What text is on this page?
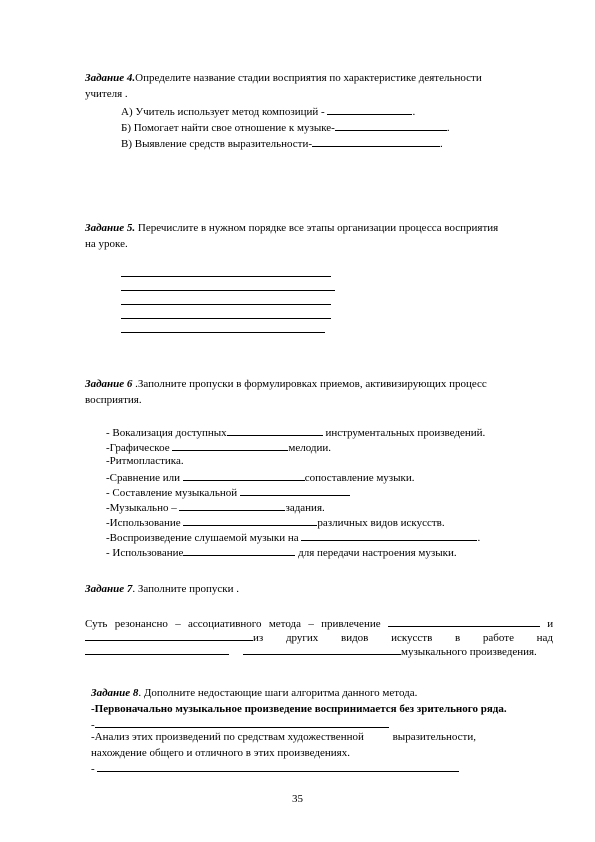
Задание 4.Определите название стадии восприятия по характеристике деятельности
учителя .
А) Учитель использует метод композиций -	.
Б) Помогает найти свое отношение к музыке-	.
В) Выявление средств выразительности-	.
Задание 5. Перечислите в нужном порядке все этапы организации процесса восприятия
на уроке.
Задание 6 .Заполните пропуски в формулировках приемов, активизирующих процесс
восприятия.
- Вокализация доступных	инструментальных произведений.
-Графическое	мелодии.
-Ритмопластика.
-Сравнение или	сопоставление музыки.
- Составление музыкальной
-Музыкально –	задания.
-Использование	различных видов искусств.
-Воспроизведение слушаемой музыки на	.
- Использование	для передачи настроения музыки.
Задание 7. Заполните пропуски .
Суть резонансно – ассоциативного метода – привлечение	и
из других видов искусств в работе над
музыкального произведения.
Задание 8. Дополните недостающие шаги алгоритма данного метода.
-Первоначально музыкальное произведение воспринимается без зрительного ряда.
-
-Анализ этих произведений по средствам художественной выразительности,
нахождение общего и отличного в этих произведениях.
-
35
